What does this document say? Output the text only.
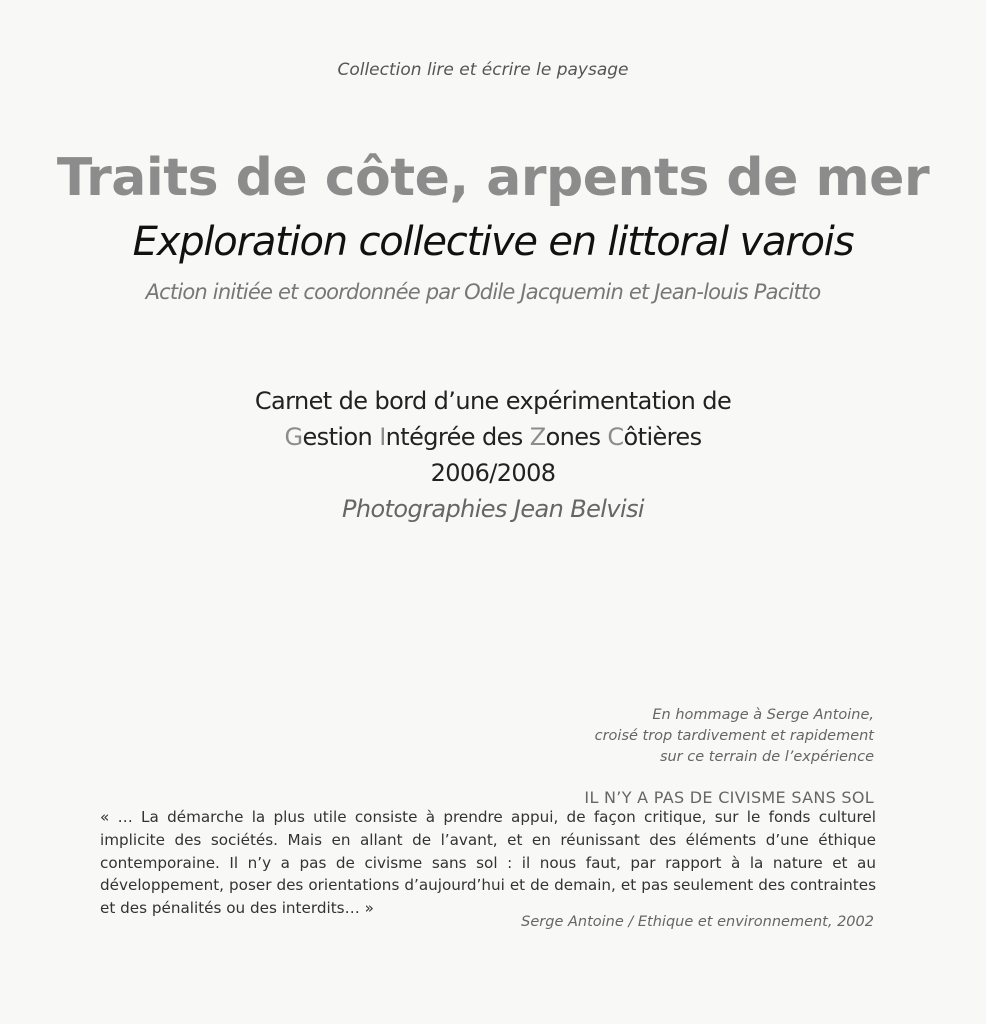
Collection lire et écrire le paysage
Traits de côte, arpents de mer
Exploration collective en littoral varois
Action initiée et coordonnée par Odile Jacquemin et Jean-louis Pacitto
Carnet de bord d’une expérimentation de
Gestion Intégrée des Zones Côtières
2006/2008
Photographies Jean Belvisi
En hommage à Serge Antoine,
croisé trop tardivement et rapidement
sur ce terrain de l’expérience
IL N’Y A PAS DE CIVISME SANS SOL
« … La démarche la plus utile consiste à prendre appui, de façon critique, sur le fonds culturel implicite des sociétés. Mais en allant de l’avant, et en réunissant des éléments d’une éthique contemporaine. Il n’y a pas de civisme sans sol : il nous faut, par rapport à la nature et au développement, poser des orientations d’aujourd’hui et de demain, et pas seulement des contraintes et des pénalités ou des interdits… »
Serge Antoine / Ethique et environnement, 2002
